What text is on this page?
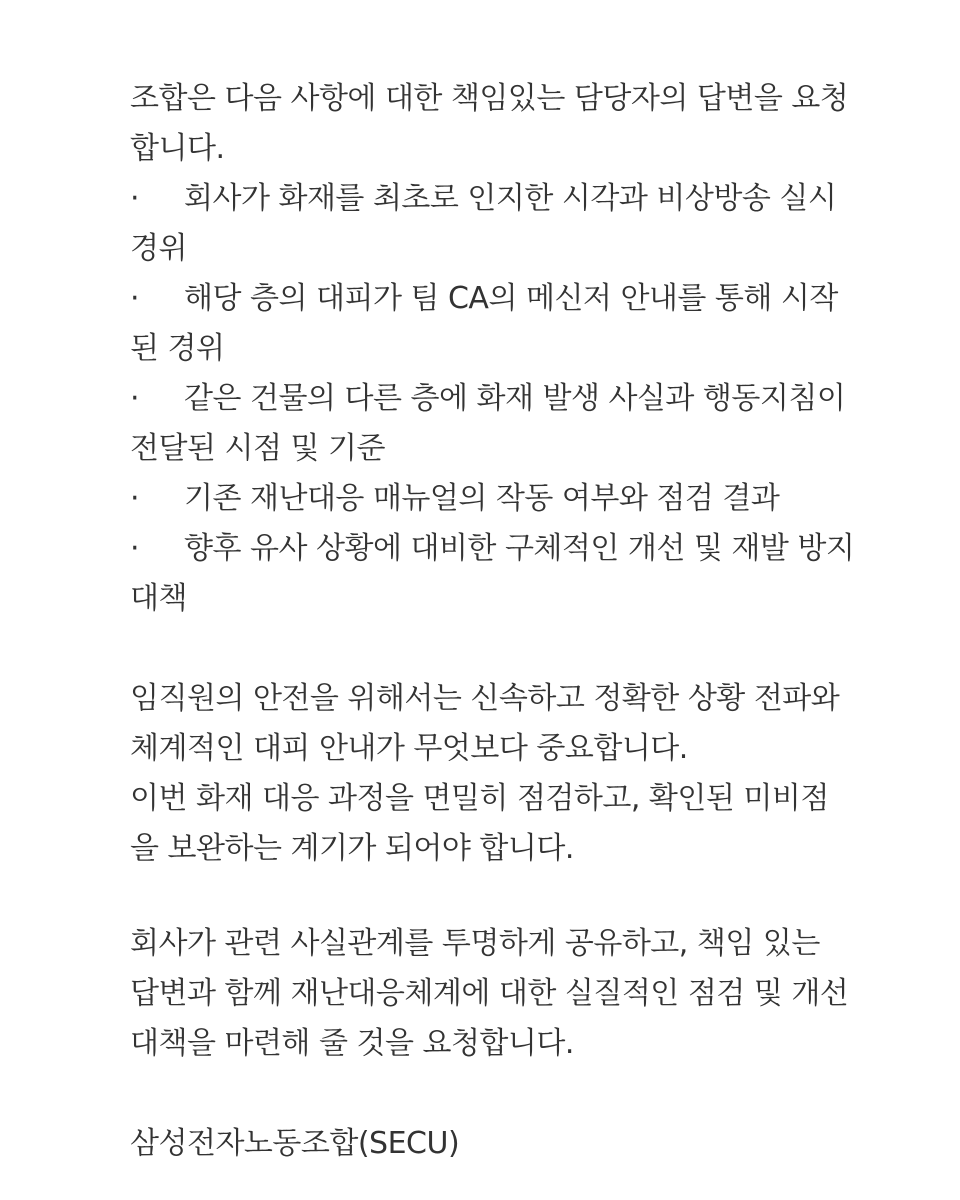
조합은 다음 사항에 대한 책임있는 담당자의 답변을 요청

합니다.

·	회사가 화재를 최초로 인지한 시각과 비상방송 실시

경위

·	해당 층의 대피가 팀 CA의 메신저 안내를 통해 시작

된 경위

·	같은 건물의 다른 층에 화재 발생 사실과 행동지침이

전달된 시점 및 기준

·	기존 재난대응 매뉴얼의 작동 여부와 점검 결과

·	향후 유사 상황에 대비한 구체적인 개선 및 재발 방지

대책

임직원의 안전을 위해서는 신속하고 정확한 상황 전파와

체계적인 대피 안내가 무엇보다 중요합니다.

이번 화재 대응 과정을 면밀히 점검하고, 확인된 미비점

을 보완하는 계기가 되어야 합니다.

회사가 관련 사실관계를 투명하게 공유하고, 책임 있는

답변과 함께 재난대응체계에 대한 실질적인 점검 및 개선

대책을 마련해 줄 것을 요청합니다.

삼성전자노동조합(SECU)
